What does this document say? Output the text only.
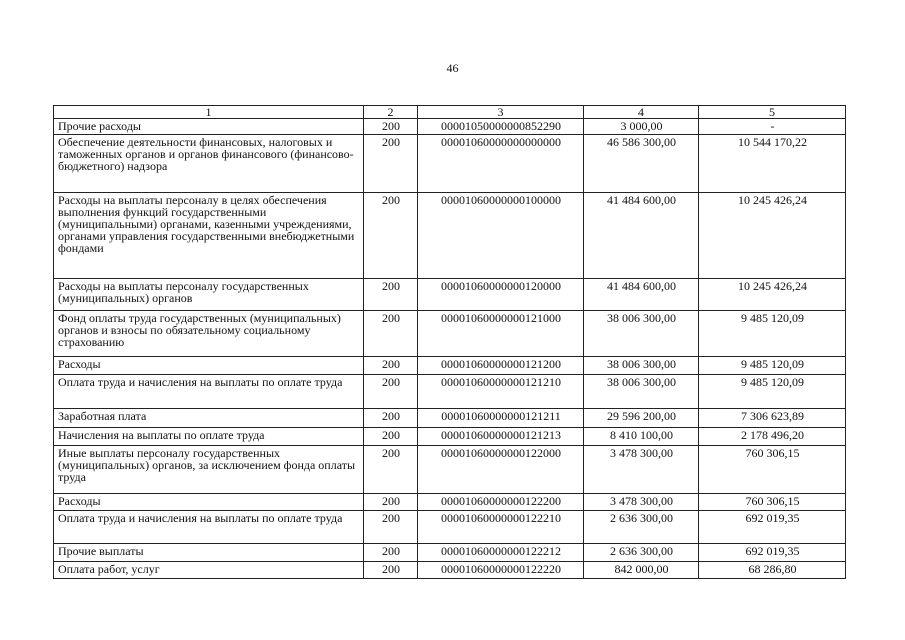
46
1	2	3	4	5
Прочие расходы	200	00001050000000852290	3 000,00	-
Обеспечение деятельности финансовых, налоговых и таможенных органов и органов финансового (финансово-бюджетного) надзора	200	00001060000000000000	46 586 300,00	10 544 170,22
Расходы на выплаты персоналу в целях обеспечения выполнения функций государственными (муниципальными) органами, казенными учреждениями, органами управления государственными внебюджетными фондами	200	00001060000000100000	41 484 600,00	10 245 426,24
Расходы на выплаты персоналу государственных (муниципальных) органов	200	00001060000000120000	41 484 600,00	10 245 426,24
Фонд оплаты труда государственных (муниципальных) органов и взносы по обязательному социальному страхованию	200	00001060000000121000	38 006 300,00	9 485 120,09
Расходы	200	00001060000000121200	38 006 300,00	9 485 120,09
Оплата труда и начисления на выплаты по оплате труда	200	00001060000000121210	38 006 300,00	9 485 120,09
Заработная плата	200	00001060000000121211	29 596 200,00	7 306 623,89
Начисления на выплаты по оплате труда	200	00001060000000121213	8 410 100,00	2 178 496,20
Иные выплаты персоналу государственных (муниципальных) органов, за исключением фонда оплаты труда	200	00001060000000122000	3 478 300,00	760 306,15
Расходы	200	00001060000000122200	3 478 300,00	760 306,15
Оплата труда и начисления на выплаты по оплате труда	200	00001060000000122210	2 636 300,00	692 019,35
Прочие выплаты	200	00001060000000122212	2 636 300,00	692 019,35
Оплата работ, услуг	200	00001060000000122220	842 000,00	68 286,80
